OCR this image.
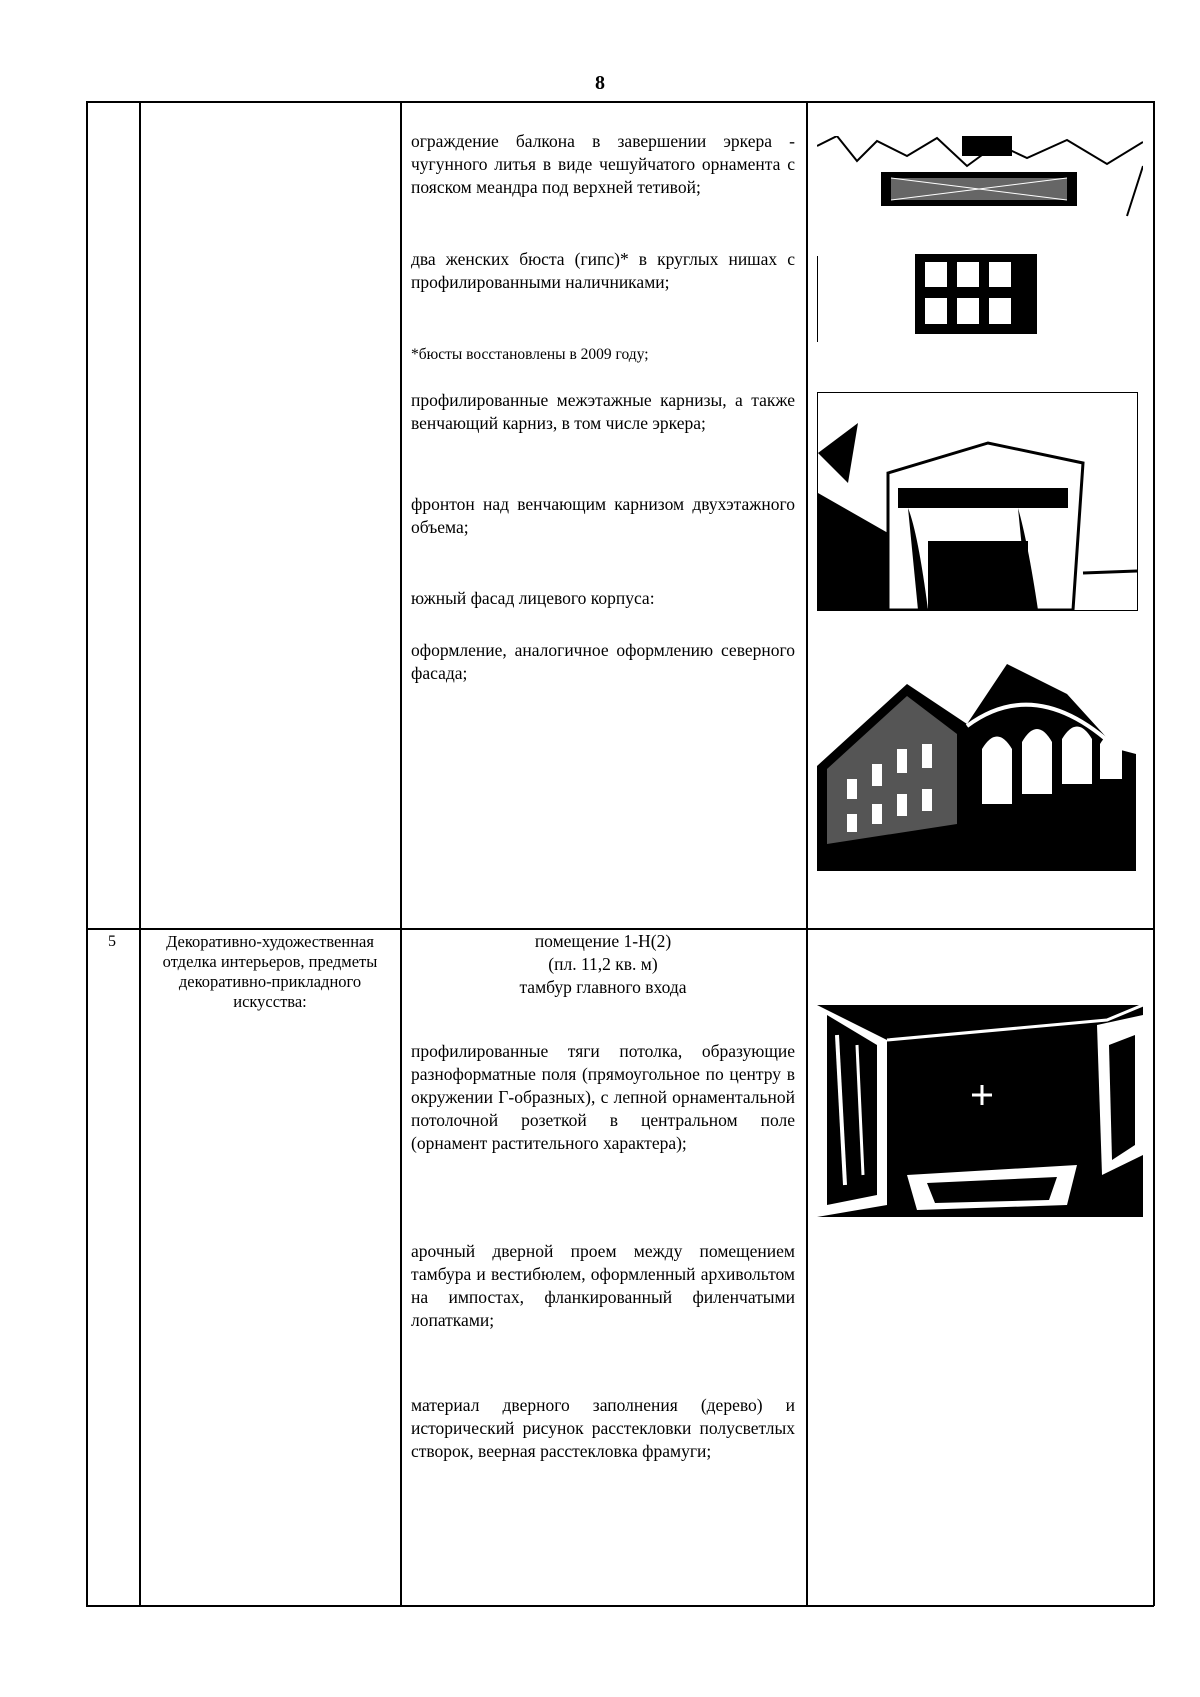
8

ограждение балкона в завершении эркера - чугунного литья в виде чешуйчатого орнамента с пояском меандра под верхней тетивой;

два женских бюста (гипс)* в круглых нишах с профилированными наличниками;

*бюсты восстановлены в 2009 году;

профилированные межэтажные карнизы, а также венчающий карниз, в том числе эркера;

фронтон над венчающим карнизом двухэтажного объема;

южный фасад лицевого корпуса:

оформление, аналогичное оформлению северного фасада;

5	Декоративно-художественная отделка интерьеров, предметы декоративно-прикладного искусства:
помещение 1-Н(2)
(пл. 11,2 кв. м)
тамбур главного входа

профилированные тяги потолка, образующие разноформатные поля (прямоугольное по центру в окружении Г-образных), с лепной орнаментальной потолочной розеткой в центральном поле (орнамент растительного характера);

арочный дверной проем между помещением тамбура и вестибюлем, оформленный архивольтом на импостах, фланкированный филенчатыми лопатками;

материал дверного заполнения (дерево) и исторический рисунок расстекловки полусветлых створок, веерная расстекловка фрамуги;
